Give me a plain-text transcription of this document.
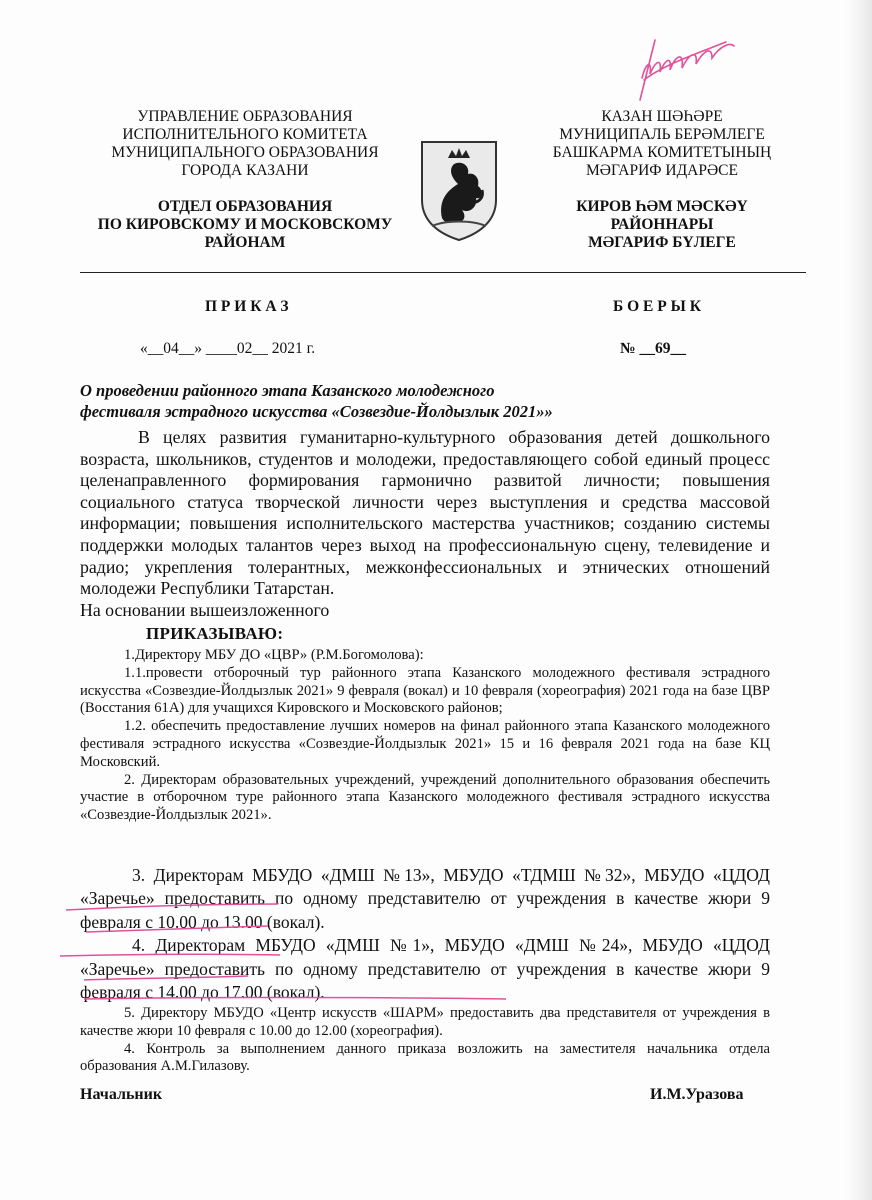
УПРАВЛЕНИЕ ОБРАЗОВАНИЯ
ИСПОЛНИТЕЛЬНОГО КОМИТЕТА
МУНИЦИПАЛЬНОГО ОБРАЗОВАНИЯ
ГОРОДА КАЗАНИ
ОТДЕЛ ОБРАЗОВАНИЯ
ПО КИРОВСКОМУ И МОСКОВСКОМУ
РАЙОНАМ
КАЗАН ШӘҺӘРЕ
МУНИЦИПАЛЬ БЕРӘМЛЕГЕ
БАШКАРМА КОМИТЕТЫНЫҢ
МӘГАРИФ ИДАРӘСЕ
КИРОВ ҺӘМ МӘСКӘҮ
РАЙОННАРЫ
МӘГАРИФ БҮЛЕГЕ
П Р И К А З	Б О Е Р Ы К
«__04__» ____02__ 2021 г.	№ __69__
О проведении районного этапа Казанского молодежного
фестиваля эстрадного искусства «Созвездие-Йолдызлык 2021»»

В целях развития гуманитарно-культурного образования детей дошкольного возраста, школьников, студентов и молодежи, предоставляющего собой единый процесс целенаправленного формирования гармонично развитой личности; повышения социального статуса творческой личности через выступления и средства массовой информации; повышения исполнительского мастерства участников; созданию системы поддержки молодых талантов через выход на профессиональную сцену, телевидение и радио; укрепления толерантных, межконфессиональных и этнических отношений молодежи Республики Татарстан.

На основании вышеизложенного
ПРИКАЗЫВАЮ:

1.Директору МБУ ДО «ЦВР» (Р.М.Богомолова):

1.1.провести отборочный тур районного этапа Казанского молодежного фестиваля эстрадного искусства «Созвездие-Йолдызлык 2021» 9 февраля (вокал) и 10 февраля (хореография) 2021 года на базе ЦВР (Восстания 61А) для учащихся Кировского и Московского районов;

1.2. обеспечить предоставление лучших номеров на финал районного этапа Казанского молодежного фестиваля эстрадного искусства «Созвездие-Йолдызлык 2021» 15 и 16 февраля 2021 года на базе КЦ Московский.

2. Директорам образовательных учреждений, учреждений дополнительного образования обеспечить участие в отборочном туре районного этапа Казанского молодежного фестиваля эстрадного искусства «Созвездие-Йолдызлык 2021».

3. Директорам МБУДО «ДМШ №13», МБУДО «ТДМШ №32», МБУДО «ЦДОД «Заречье» предоставить по одному представителю от учреждения в качестве жюри 9 февраля с 10.00 до 13.00 (вокал).

4. Директорам МБУДО «ДМШ №1», МБУДО «ДМШ №24», МБУДО «ЦДОД «Заречье» предоставить по одному представителю от учреждения в качестве жюри 9 февраля с 14.00 до 17.00 (вокал).

5. Директору МБУДО «Центр искусств «ШАРМ» предоставить два представителя от учреждения в качестве жюри 10 февраля с 10.00 до 12.00 (хореография).

4. Контроль за выполнением данного приказа возложить на заместителя начальника отдела образования А.М.Гилазову.

Начальник	И.М.Уразова
